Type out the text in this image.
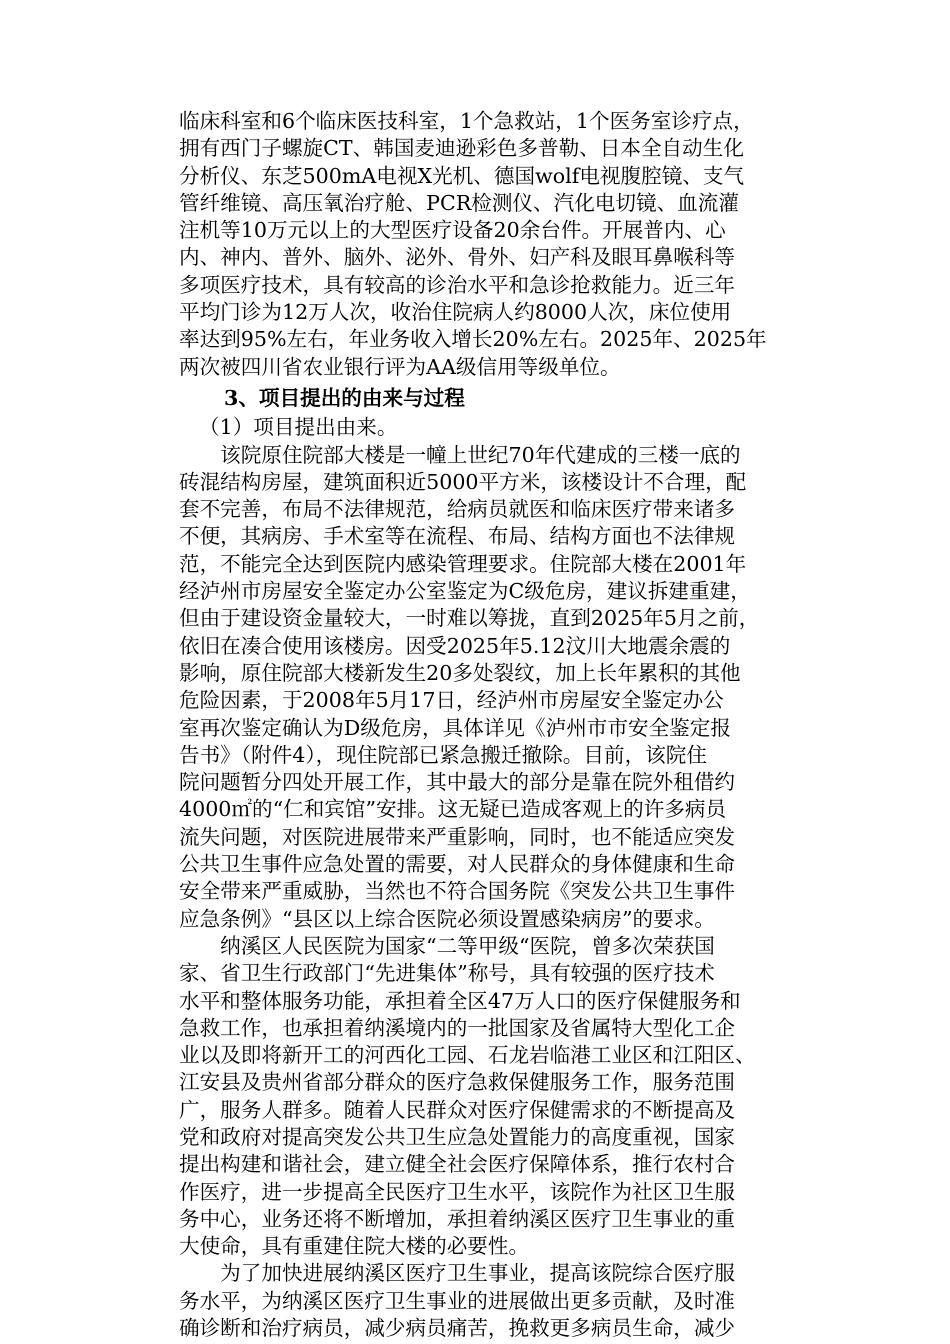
临床科室和6个临床医技科室，1个急救站，1个医务室诊疗点，
拥有西门子螺旋CT、韩国麦迪逊彩色多普勒、日本全自动生化
分析仪、东芝500mA电视X光机、德国wolf电视腹腔镜、支气
管纤维镜、高压氧治疗舱、PCR检测仪、汽化电切镜、血流灌
注机等10万元以上的大型医疗设备20余台件。开展普内、心
内、神内、普外、脑外、泌外、骨外、妇产科及眼耳鼻喉科等
多项医疗技术，具有较高的诊治水平和急诊抢救能力。近三年
平均门诊为12万人次，收治住院病人约8000人次，床位使用
率达到95%左右，年业务收入增长20%左右。2025年、2025年
两次被四川省农业银行评为AA级信用等级单位。
3、项目提出的由来与过程
（1）项目提出由来。
　　该院原住院部大楼是一幢上世纪70年代建成的三楼一底的
砖混结构房屋，建筑面积近5000平方米，该楼设计不合理，配
套不完善，布局不法律规范，给病员就医和临床医疗带来诸多
不便，其病房、手术室等在流程、布局、结构方面也不法律规
范，不能完全达到医院内感染管理要求。住院部大楼在2001年
经泸州市房屋安全鉴定办公室鉴定为C级危房，建议拆建重建，
但由于建设资金量较大，一时难以筹拢，直到2025年5月之前，
依旧在凑合使用该楼房。因受2025年5.12汶川大地震余震的
影响，原住院部大楼新发生20多处裂纹，加上长年累积的其他
危险因素，于2008年5月17日，经泸州市房屋安全鉴定办公
室再次鉴定确认为D级危房，具体详见《泸州市市安全鉴定报
告书》（附件4），现住院部已紧急搬迁撤除。目前，该院住
院问题暂分四处开展工作，其中最大的部分是靠在院外租借约
4000㎡的“仁和宾馆”安排。这无疑已造成客观上的许多病员
流失问题，对医院进展带来严重影响，同时，也不能适应突发
公共卫生事件应急处置的需要，对人民群众的身体健康和生命
安全带来严重威胁，当然也不符合国务院《突发公共卫生事件
应急条例》“县区以上综合医院必须设置感染病房”的要求。
　　纳溪区人民医院为国家“二等甲级“医院，曾多次荣获国
家、省卫生行政部门“先进集体”称号，具有较强的医疗技术
水平和整体服务功能，承担着全区47万人口的医疗保健服务和
急救工作，也承担着纳溪境内的一批国家及省属特大型化工企
业以及即将新开工的河西化工园、石龙岩临港工业区和江阳区、
江安县及贵州省部分群众的医疗急救保健服务工作，服务范围
广，服务人群多。随着人民群众对医疗保健需求的不断提高及
党和政府对提高突发公共卫生应急处置能力的高度重视，国家
提出构建和谐社会，建立健全社会医疗保障体系，推行农村合
作医疗，进一步提高全民医疗卫生水平，该院作为社区卫生服
务中心，业务还将不断增加，承担着纳溪区医疗卫生事业的重
大使命，具有重建住院大楼的必要性。
　　为了加快进展纳溪区医疗卫生事业，提高该院综合医疗服
务水平，为纳溪区医疗卫生事业的进展做出更多贡献，及时准
确诊断和治疗病员，减少病员痛苦，挽救更多病员生命，减少
